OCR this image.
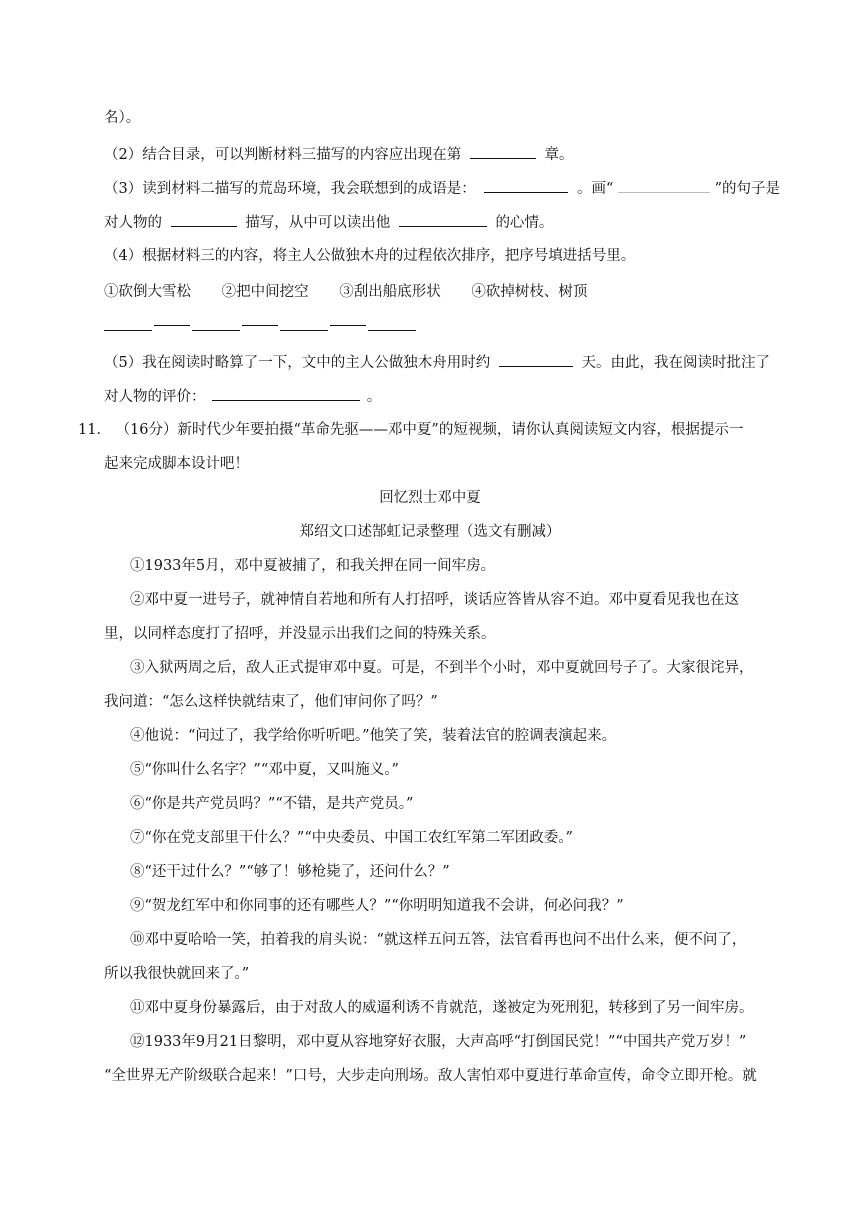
名）。
（2）结合目录，可以判断材料三描写的内容应出现在第	章。
（3）读到材料二描写的荒岛环境，我会联想到的成语是：	。画“	”的句子是
对人物的	描写，从中可以读出他	的心情。
（4）根据材料三的内容，将主人公做独木舟的过程依次排序，把序号填进括号里。
①砍倒大雪松 ②把中间挖空 ③刮出船底形状 ④砍掉树枝、树顶
（5）我在阅读时略算了一下，文中的主人公做独木舟用时约	天。由此，我在阅读时批注了
对人物的评价：	。
11． （16分）新时代少年要拍摄“革命先驱——邓中夏”的短视频，请你认真阅读短文内容，根据提示一
起来完成脚本设计吧！
回忆烈士邓中夏
郑绍文口述郜虹记录整理（选文有删减）
①1933年5月，邓中夏被捕了，和我关押在同一间牢房。
②邓中夏一进号子，就神情自若地和所有人打招呼，谈话应答皆从容不迫。邓中夏看见我也在这
里，以同样态度打了招呼，并没显示出我们之间的特殊关系。
③入狱两周之后，敌人正式提审邓中夏。可是，不到半个小时，邓中夏就回号子了。大家很诧异，
我问道：“怎么这样快就结束了，他们审问你了吗？”
④他说：“问过了，我学给你听听吧。”他笑了笑，装着法官的腔调表演起来。
⑤“你叫什么名字？”“邓中夏，又叫施义。”
⑥“你是共产党员吗？”“不错，是共产党员。”
⑦“你在党支部里干什么？”“中央委员、中国工农红军第二军团政委。”
⑧“还干过什么？”“够了！够枪毙了，还问什么？”
⑨“贺龙红军中和你同事的还有哪些人？”“你明明知道我不会讲，何必问我？”
⑩邓中夏哈哈一笑，拍着我的肩头说：“就这样五问五答，法官看再也问不出什么来，便不问了，
所以我很快就回来了。”
⑪邓中夏身份暴露后，由于对敌人的威逼利诱不肯就范，遂被定为死刑犯，转移到了另一间牢房。
⑫1933年9月21日黎明，邓中夏从容地穿好衣服，大声高呼“打倒国民党！”“中国共产党万岁！”
“全世界无产阶级联合起来！”口号，大步走向刑场。敌人害怕邓中夏进行革命宣传，命令立即开枪。就
